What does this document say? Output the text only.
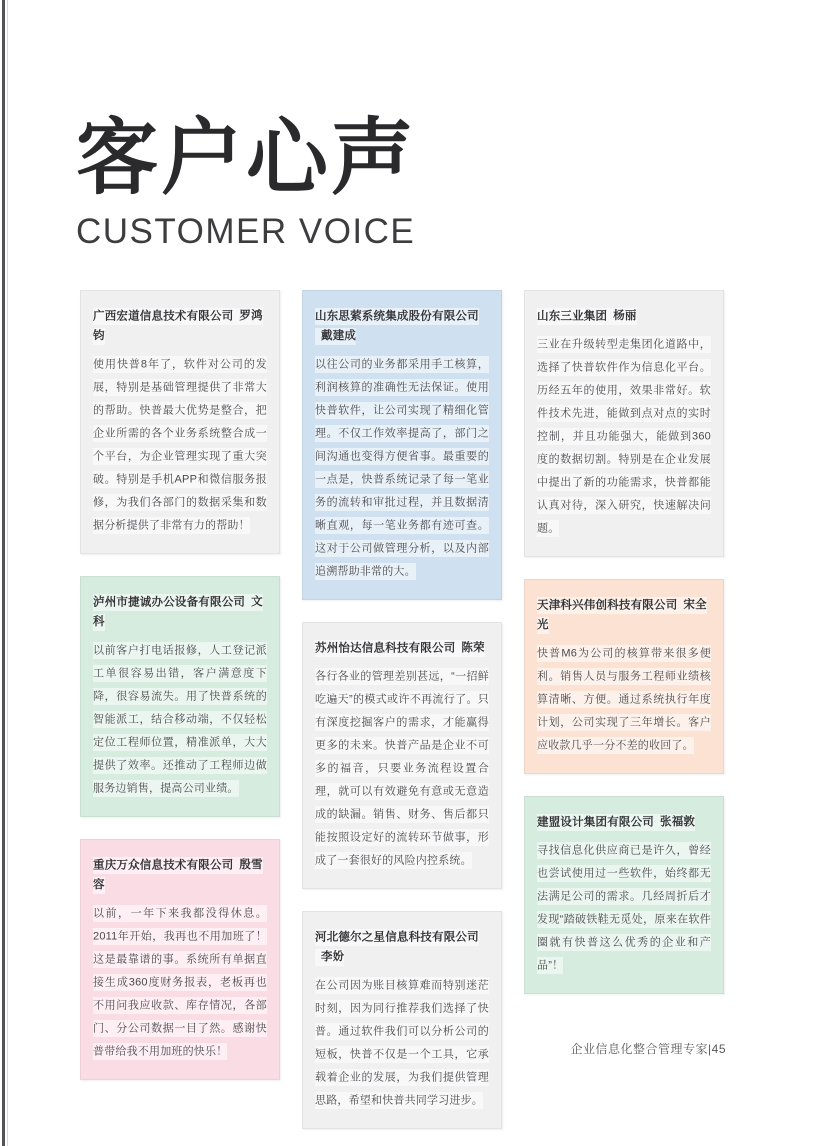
客户心声
CUSTOMER VOICE
广西宏道信息技术有限公司 罗鸿钧

使用快普8年了，软件对公司的发展，特别是基础管理提供了非常大的帮助。快普最大优势是整合，把企业所需的各个业务系统整合成一个平台，为企业管理实现了重大突破。特别是手机APP和微信服务报修，为我们各部门的数据采集和数据分析提供了非常有力的帮助！

泸州市捷诚办公设备有限公司 文科

以前客户打电话报修，人工登记派工单很容易出错，客户满意度下降，很容易流失。用了快普系统的智能派工，结合移动端，不仅轻松定位工程师位置，精准派单，大大提供了效率。还推动了工程师边做服务边销售，提高公司业绩。

重庆万众信息技术有限公司 殷雪容

以前，一年下来我都没得休息。2011年开始，我再也不用加班了！这是最靠谱的事。系统所有单据直接生成360度财务报表，老板再也不用问我应收款、库存情况，各部门、分公司数据一目了然。感谢快普带给我不用加班的快乐！

山东思萦系统集成股份有限公司戴建成

以往公司的业务都采用手工核算，利润核算的准确性无法保证。使用快普软件，让公司实现了精细化管理。不仅工作效率提高了，部门之间沟通也变得方便省事。最重要的一点是，快普系统记录了每一笔业务的流转和审批过程，并且数据清晰直观，每一笔业务都有迹可查。这对于公司做管理分析，以及内部追溯帮助非常的大。

苏州怡达信息科技有限公司 陈荣

各行各业的管理差别甚远，“一招鲜吃遍天”的模式或许不再流行了。只有深度挖掘客户的需求，才能赢得更多的未来。快普产品是企业不可多的福音，只要业务流程设置合理，就可以有效避免有意或无意造成的缺漏。销售、财务、售后都只能按照设定好的流转环节做事，形成了一套很好的风险内控系统。

河北德尔之星信息科技有限公司李妢

在公司因为账目核算难而特别迷茫时刻，因为同行推荐我们选择了快普。通过软件我们可以分析公司的短板，快普不仅是一个工具，它承载着企业的发展，为我们提供管理思路，希望和快普共同学习进步。

山东三业集团 杨丽

三业在升级转型走集团化道路中，选择了快普软件作为信息化平台。历经五年的使用，效果非常好。软件技术先进，能做到点对点的实时控制，并且功能强大，能做到360度的数据切割。特别是在企业发展中提出了新的功能需求，快普都能认真对待，深入研究，快速解决问题。

天津科兴伟创科技有限公司 宋全光

快普M6为公司的核算带来很多便利。销售人员与服务工程师业绩核算清晰、方便。通过系统执行年度计划，公司实现了三年增长。客户应收款几乎一分不差的收回了。

建盟设计集团有限公司 张福敦

寻找信息化供应商已是许久，曾经也尝试使用过一些软件，始终都无法满足公司的需求。几经周折后才发现“踏破铁鞋无觅处，原来在软件圈就有快普这么优秀的企业和产品”！

企业信息化整合管理专家|45
